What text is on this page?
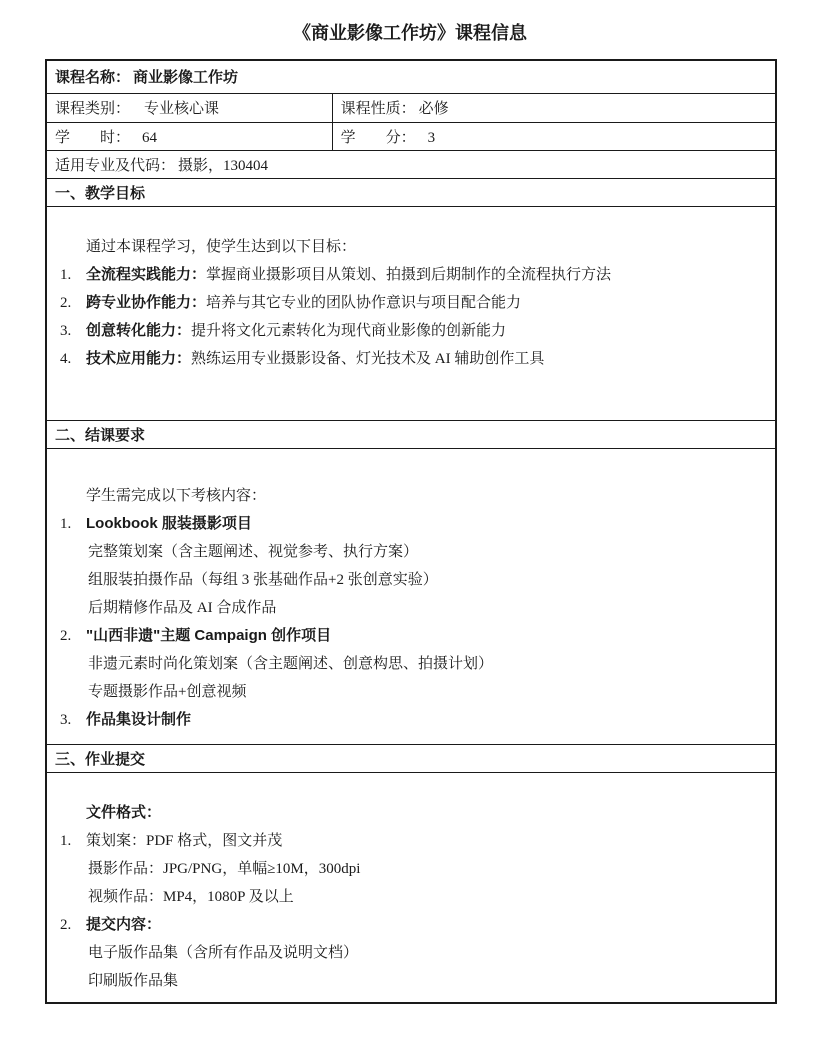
《商业影像工作坊》课程信息
课程名称： 商业影像工作坊	
课程类别： 专业核心课	课程性质： 必修
学　　时： 64	学　　分： 3
适用专业及代码： 摄影，130404	
一、教学目标	

通过本课程学习，使学生达到以下目标：
1. 全流程实践能力：掌握商业摄影项目从策划、拍摄到后期制作的全流程执行方法
2. 跨专业协作能力：培养与其它专业的团队协作意识与项目配合能力
3. 创意转化能力：提升将文化元素转化为现代商业影像的创新能力
4. 技术应用能力：熟练运用专业摄影设备、灯光技术及 AI 辅助创作工具

二、结课要求	

学生需完成以下考核内容：
1. Lookbook 服装摄影项目
完整策划案（含主题阐述、视觉参考、执行方案）
组服装拍摄作品（每组 3 张基础作品+2 张创意实验）
后期精修作品及 AI 合成作品
2. "山西非遗"主题 Campaign 创作项目
非遗元素时尚化策划案（含主题阐述、创意构思、拍摄计划）
专题摄影作品+创意视频
3. 作品集设计制作

三、作业提交	

文件格式：
1. 策划案：PDF 格式，图文并茂
摄影作品：JPG/PNG，单幅≥10M，300dpi
视频作品：MP4，1080P 及以上
2. 提交内容：
电子版作品集（含所有作品及说明文档）
印刷版作品集
